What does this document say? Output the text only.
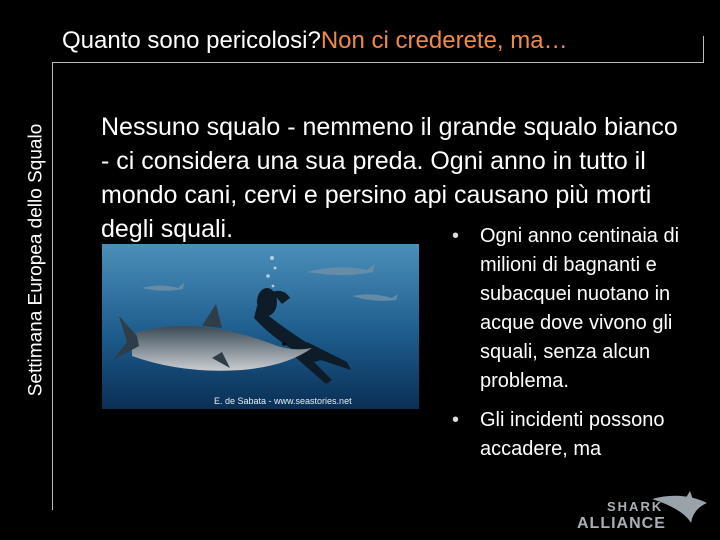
Settimana Europea dello Squalo
Quanto sono pericolosi?Non ci crederete, ma…
Nessuno squalo - nemmeno il grande squalo bianco - ci considera una sua preda. Ogni anno in tutto il mondo cani, cervi e persino api causano più morti degli squali.
E. de Sabata - www.seastories.net
• Ogni anno centinaia di milioni di bagnanti e subacquei nuotano in acque dove vivono gli squali, senza alcun problema.
• Gli incidenti possono accadere, ma
SHARK
ALLIANCE
